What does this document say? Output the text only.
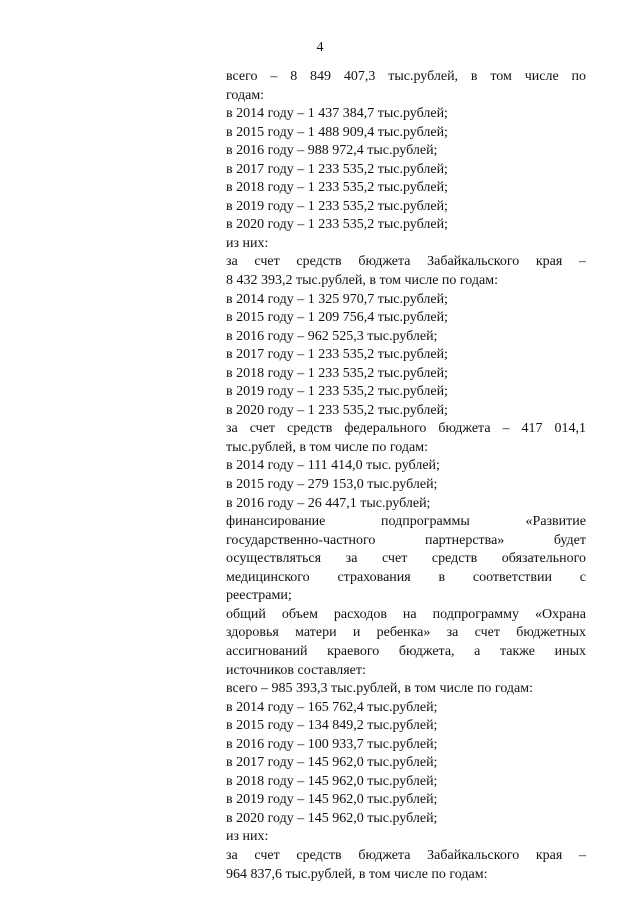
4
всего – 8 849 407,3 тыс.рублей, в том числе по
годам:
в 2014 году – 1 437 384,7 тыс.рублей;
в 2015 году – 1 488 909,4 тыс.рублей;
в 2016 году – 988 972,4 тыс.рублей;
в 2017 году – 1 233 535,2 тыс.рублей;
в 2018 году – 1 233 535,2 тыс.рублей;
в 2019 году – 1 233 535,2 тыс.рублей;
в 2020 году – 1 233 535,2 тыс.рублей;
из них:
за счет средств бюджета Забайкальского края –
8 432 393,2 тыс.рублей, в том числе по годам:
в 2014 году – 1 325 970,7 тыс.рублей;
в 2015 году – 1 209 756,4 тыс.рублей;
в 2016 году – 962 525,3 тыс.рублей;
в 2017 году – 1 233 535,2 тыс.рублей;
в 2018 году – 1 233 535,2 тыс.рублей;
в 2019 году – 1 233 535,2 тыс.рублей;
в 2020 году – 1 233 535,2 тыс.рублей;
за счет средств федерального бюджета – 417 014,1
тыс.рублей, в том числе по годам:
в 2014 году – 111 414,0 тыс. рублей;
в 2015 году – 279 153,0 тыс.рублей;
в 2016 году – 26 447,1 тыс.рублей;
финансирование подпрограммы «Развитие
государственно-частного партнерства» будет
осуществляться за счет средств обязательного
медицинского страхования в соответствии с
реестрами;
общий объем расходов на подпрограмму «Охрана
здоровья матери и ребенка» за счет бюджетных
ассигнований краевого бюджета, а также иных
источников составляет:
всего – 985 393,3 тыс.рублей, в том числе по годам:
в 2014 году – 165 762,4 тыс.рублей;
в 2015 году – 134 849,2 тыс.рублей;
в 2016 году – 100 933,7 тыс.рублей;
в 2017 году – 145 962,0 тыс.рублей;
в 2018 году – 145 962,0 тыс.рублей;
в 2019 году – 145 962,0 тыс.рублей;
в 2020 году – 145 962,0 тыс.рублей;
из них:
за счет средств бюджета Забайкальского края –
964 837,6 тыс.рублей, в том числе по годам:
